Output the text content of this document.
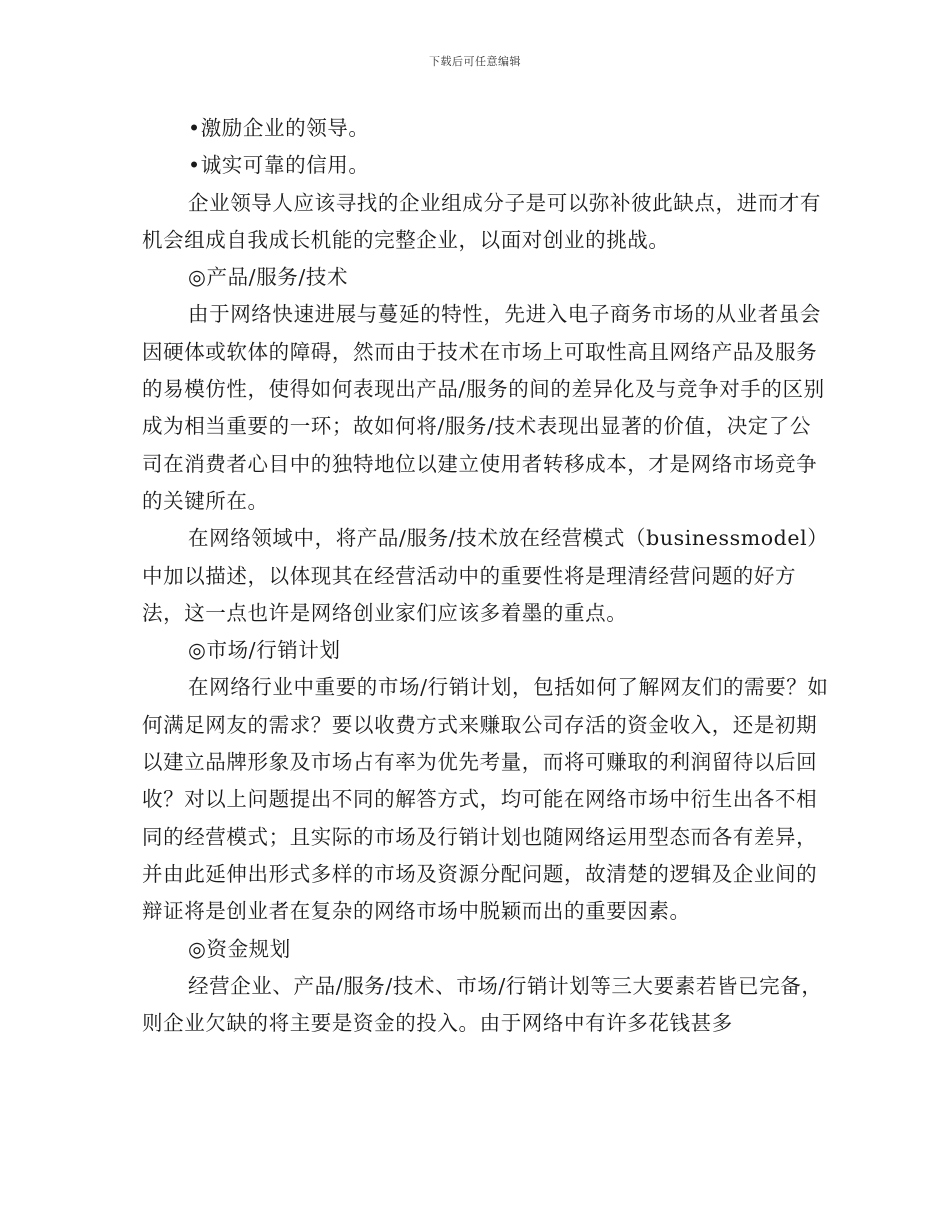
下载后可任意编辑

•激励企业的领导。

•诚实可靠的信用。

企业领导人应该寻找的企业组成分子是可以弥补彼此缺点，进而才有机会组成自我成长机能的完整企业，以面对创业的挑战。

◎产品/服务/技术

由于网络快速进展与蔓延的特性，先进入电子商务市场的从业者虽会因硬体或软体的障碍，然而由于技术在市场上可取性高且网络产品及服务的易模仿性，使得如何表现出产品/服务的间的差异化及与竞争对手的区别成为相当重要的一环；故如何将/服务/技术表现出显著的价值，决定了公司在消费者心目中的独特地位以建立使用者转移成本，才是网络市场竞争的关键所在。

在网络领域中，将产品/服务/技术放在经营模式（businessmodel）中加以描述，以体现其在经营活动中的重要性将是理清经营问题的好方法，这一点也许是网络创业家们应该多着墨的重点。

◎市场/行销计划

在网络行业中重要的市场/行销计划，包括如何了解网友们的需要？如何满足网友的需求？要以收费方式来赚取公司存活的资金收入，还是初期以建立品牌形象及市场占有率为优先考量，而将可赚取的利润留待以后回收？对以上问题提出不同的解答方式，均可能在网络市场中衍生出各不相同的经营模式；且实际的市场及行销计划也随网络运用型态而各有差异，并由此延伸出形式多样的市场及资源分配问题，故清楚的逻辑及企业间的辩证将是创业者在复杂的网络市场中脱颖而出的重要因素。

◎资金规划

经营企业、产品/服务/技术、市场/行销计划等三大要素若皆已完备，则企业欠缺的将主要是资金的投入。由于网络中有许多花钱甚多
